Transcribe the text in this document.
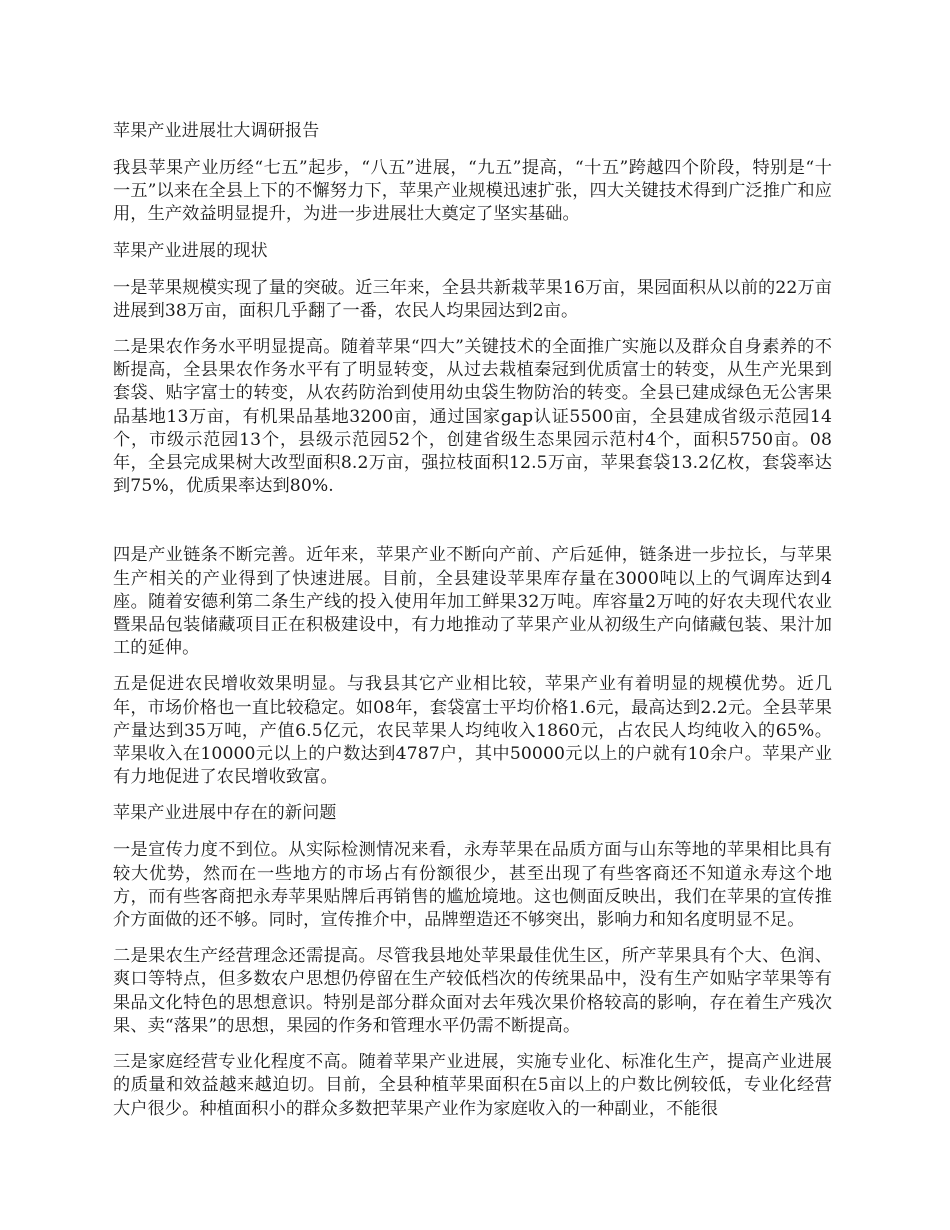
苹果产业进展壮大调研报告

我县苹果产业历经“七五”起步，“八五”进展，“九五”提高，“十五”跨越四个阶段，特别是“十一五”以来在全县上下的不懈努力下，苹果产业规模迅速扩张，四大关键技术得到广泛推广和应用，生产效益明显提升，为进一步进展壮大奠定了坚实基础。

苹果产业进展的现状

一是苹果规模实现了量的突破。近三年来，全县共新栽苹果16万亩，果园面积从以前的22万亩进展到38万亩，面积几乎翻了一番，农民人均果园达到2亩。

二是果农作务水平明显提高。随着苹果“四大”关键技术的全面推广实施以及群众自身素养的不断提高，全县果农作务水平有了明显转变，从过去栽植秦冠到优质富士的转变，从生产光果到套袋、贴字富士的转变，从农药防治到使用幼虫袋生物防治的转变。全县已建成绿色无公害果品基地13万亩，有机果品基地3200亩，通过国家gap认证5500亩，全县建成省级示范园14个，市级示范园13个，县级示范园52个，创建省级生态果园示范村4个，面积5750亩。08年，全县完成果树大改型面积8.2万亩，强拉枝面积12.5万亩，苹果套袋13.2亿枚，套袋率达到75%，优质果率达到80%.

四是产业链条不断完善。近年来，苹果产业不断向产前、产后延伸，链条进一步拉长，与苹果生产相关的产业得到了快速进展。目前，全县建设苹果库存量在3000吨以上的气调库达到4座。随着安德利第二条生产线的投入使用年加工鲜果32万吨。库容量2万吨的好农夫现代农业暨果品包装储藏项目正在积极建设中，有力地推动了苹果产业从初级生产向储藏包装、果汁加工的延伸。

五是促进农民增收效果明显。与我县其它产业相比较，苹果产业有着明显的规模优势。近几年，市场价格也一直比较稳定。如08年，套袋富士平均价格1.6元，最高达到2.2元。全县苹果产量达到35万吨，产值6.5亿元，农民苹果人均纯收入1860元，占农民人均纯收入的65%。苹果收入在10000元以上的户数达到4787户，其中50000元以上的户就有10余户。苹果产业有力地促进了农民增收致富。

苹果产业进展中存在的新问题

一是宣传力度不到位。从实际检测情况来看，永寿苹果在品质方面与山东等地的苹果相比具有较大优势，然而在一些地方的市场占有份额很少，甚至出现了有些客商还不知道永寿这个地方，而有些客商把永寿苹果贴牌后再销售的尴尬境地。这也侧面反映出，我们在苹果的宣传推介方面做的还不够。同时，宣传推介中，品牌塑造还不够突出，影响力和知名度明显不足。

二是果农生产经营理念还需提高。尽管我县地处苹果最佳优生区，所产苹果具有个大、色润、爽口等特点，但多数农户思想仍停留在生产较低档次的传统果品中，没有生产如贴字苹果等有果品文化特色的思想意识。特别是部分群众面对去年残次果价格较高的影响，存在着生产残次果、卖“落果”的思想，果园的作务和管理水平仍需不断提高。

三是家庭经营专业化程度不高。随着苹果产业进展，实施专业化、标准化生产，提高产业进展的质量和效益越来越迫切。目前，全县种植苹果面积在5亩以上的户数比例较低，专业化经营大户很少。种植面积小的群众多数把苹果产业作为家庭收入的一种副业，不能很
